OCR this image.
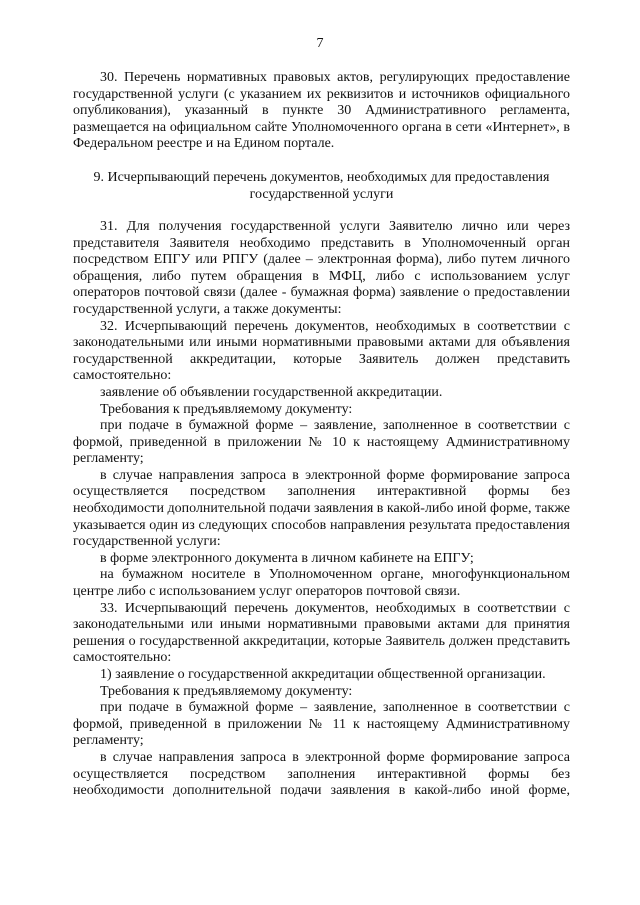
7

30. Перечень нормативных правовых актов, регулирующих предоставление государственной услуги (с указанием их реквизитов и источников официального опубликования), указанный в пункте 30 Административного регламента, размещается на официальном сайте Уполномоченного органа в сети «Интернет», в Федеральном реестре и на Едином портале.

9. Исчерпывающий перечень документов, необходимых для предоставления
государственной услуги

31. Для получения государственной услуги Заявителю лично или через представителя Заявителя необходимо представить в Уполномоченный орган посредством ЕПГУ или РПГУ (далее – электронная форма), либо путем личного обращения, либо путем обращения в МФЦ, либо с использованием услуг операторов почтовой связи (далее - бумажная форма) заявление о предоставлении государственной услуги, а также документы:

32. Исчерпывающий перечень документов, необходимых в соответствии с законодательными или иными нормативными правовыми актами для объявления государственной аккредитации, которые Заявитель должен представить самостоятельно:

заявление об объявлении государственной аккредитации.

Требования к предъявляемому документу:

при подаче в бумажной форме – заявление, заполненное в соответствии с формой, приведенной в приложении № 10 к настоящему Административному регламенту;

в случае направления запроса в электронной форме формирование запроса осуществляется посредством заполнения интерактивной формы без необходимости дополнительной подачи заявления в какой-либо иной форме, также указывается один из следующих способов направления результата предоставления государственной услуги:

в форме электронного документа в личном кабинете на ЕПГУ;

на бумажном носителе в Уполномоченном органе, многофункциональном центре либо с использованием услуг операторов почтовой связи.

33. Исчерпывающий перечень документов, необходимых в соответствии с законодательными или иными нормативными правовыми актами для принятия решения о государственной аккредитации, которые Заявитель должен представить самостоятельно:

1) заявление о государственной аккредитации общественной организации.

Требования к предъявляемому документу:

при подаче в бумажной форме – заявление, заполненное в соответствии с формой, приведенной в приложении № 11 к настоящему Административному регламенту;

в случае направления запроса в электронной форме формирование запроса осуществляется посредством заполнения интерактивной формы без необходимости дополнительной подачи заявления в какой-либо иной форме,
